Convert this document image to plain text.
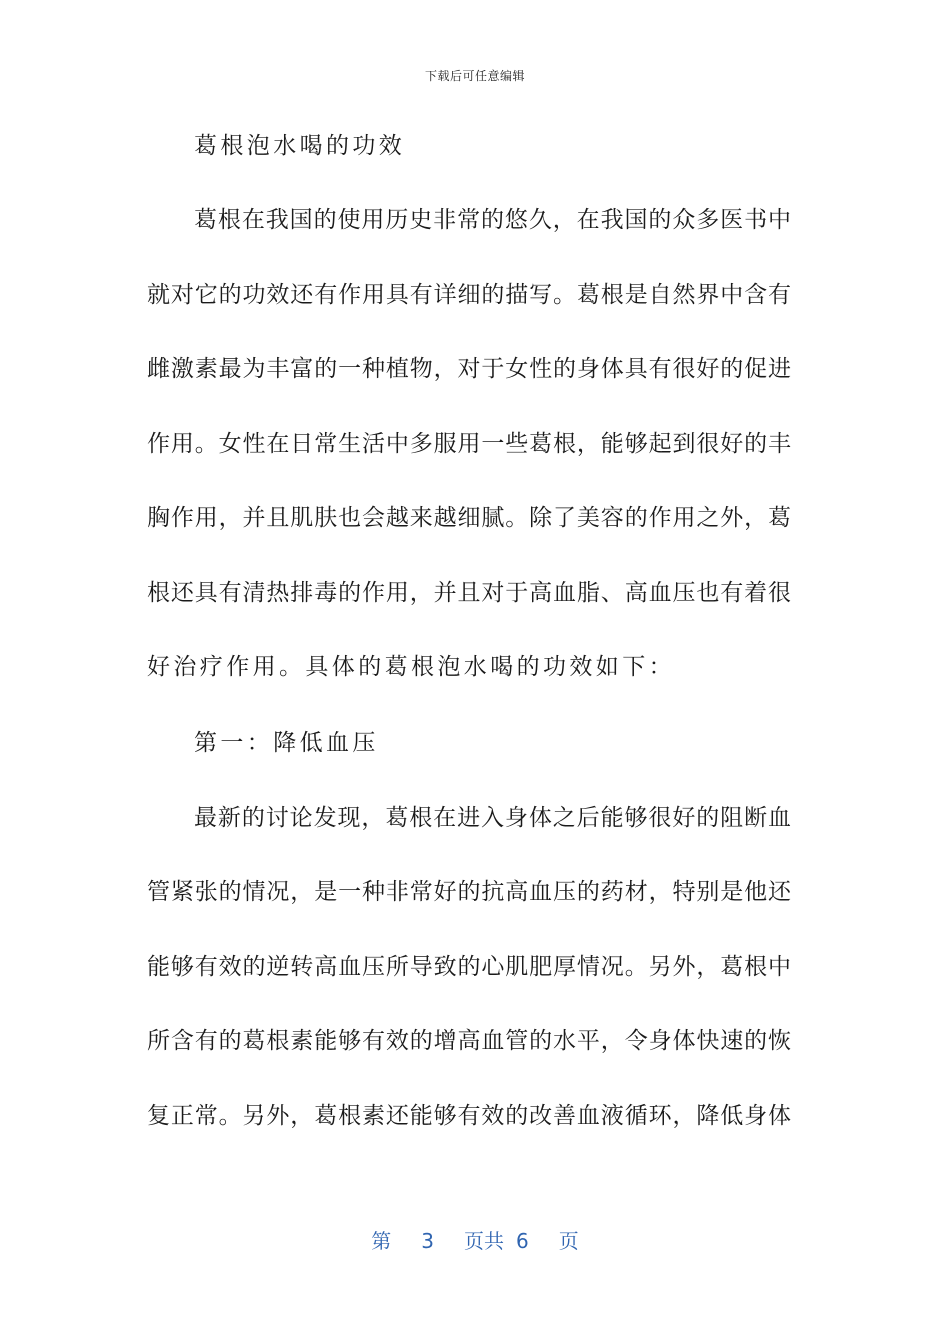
下载后可任意编辑
葛根泡水喝的功效
葛根在我国的使用历史非常的悠久，在我国的众多医书中
就对它的功效还有作用具有详细的描写。葛根是自然界中含有
雌激素最为丰富的一种植物，对于女性的身体具有很好的促进
作用。女性在日常生活中多服用一些葛根，能够起到很好的丰
胸作用，并且肌肤也会越来越细腻。除了美容的作用之外，葛
根还具有清热排毒的作用，并且对于高血脂、高血压也有着很
好治疗作用。具体的葛根泡水喝的功效如下：
第一：降低血压
最新的讨论发现，葛根在进入身体之后能够很好的阻断血
管紧张的情况，是一种非常好的抗高血压的药材，特别是他还
能够有效的逆转高血压所导致的心肌肥厚情况。另外，葛根中
所含有的葛根素能够有效的增高血管的水平，令身体快速的恢
复正常。另外，葛根素还能够有效的改善血液循环，降低身体
第 3 页共 6 页
